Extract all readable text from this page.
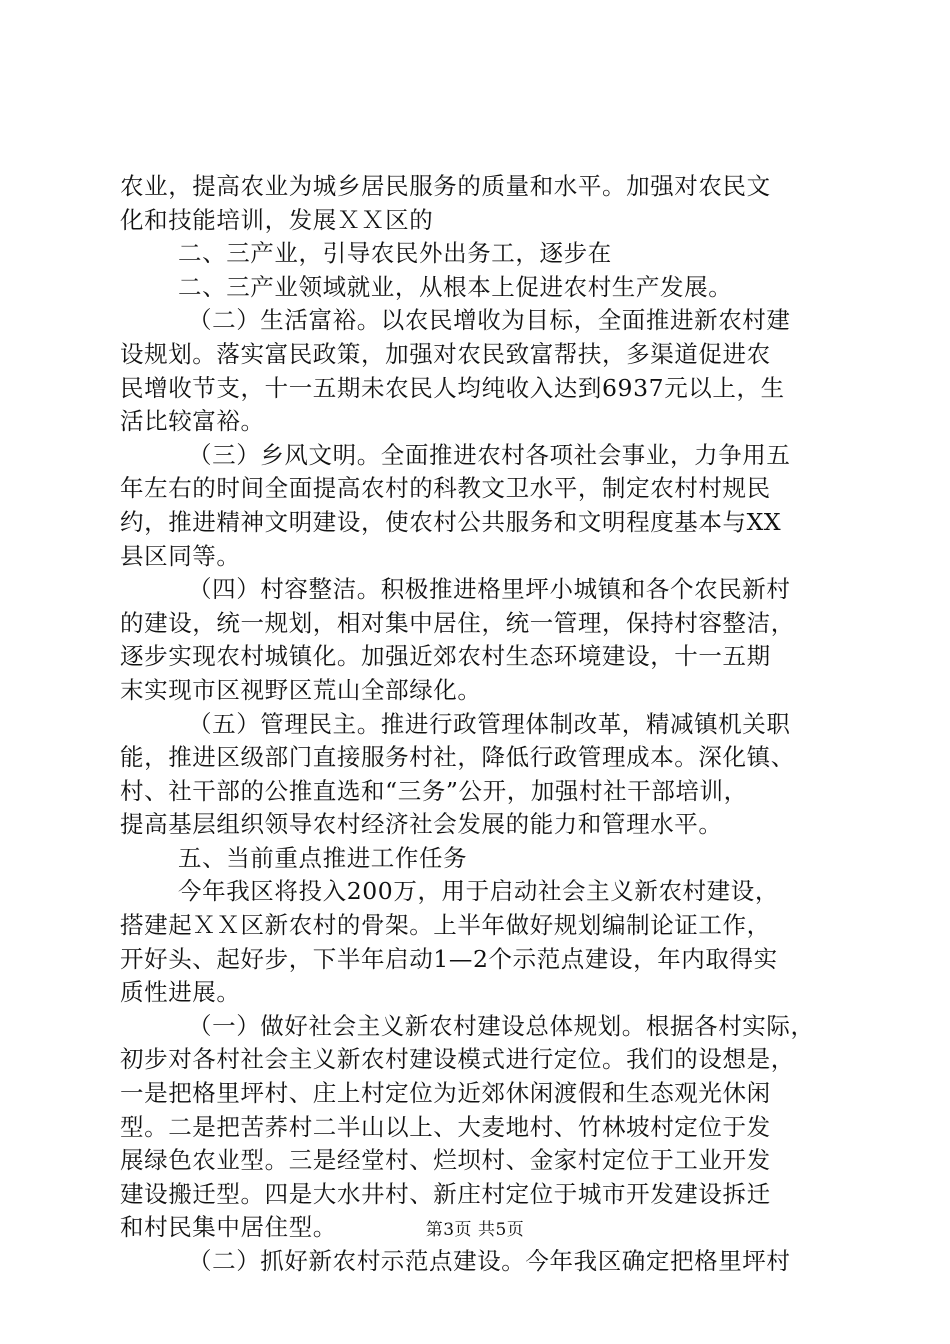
农业，提高农业为城乡居民服务的质量和水平。加强对农民文
化和技能培训，发展ＸＸ区的
二、三产业，引导农民外出务工，逐步在
二、三产业领域就业，从根本上促进农村生产发展。
（二）生活富裕。以农民增收为目标，全面推进新农村建
设规划。落实富民政策，加强对农民致富帮扶，多渠道促进农
民增收节支，十一五期未农民人均纯收入达到6937元以上，生
活比较富裕。
（三）乡风文明。全面推进农村各项社会事业，力争用五
年左右的时间全面提高农村的科教文卫水平，制定农村村规民
约，推进精神文明建设，使农村公共服务和文明程度基本与XX
县区同等。
（四）村容整洁。积极推进格里坪小城镇和各个农民新村
的建设，统一规划，相对集中居住，统一管理，保持村容整洁，
逐步实现农村城镇化。加强近郊农村生态环境建设，十一五期
末实现市区视野区荒山全部绿化。
（五）管理民主。推进行政管理体制改革，精减镇机关职
能，推进区级部门直接服务村社，降低行政管理成本。深化镇、
村、社干部的公推直选和“三务”公开，加强村社干部培训，
提高基层组织领导农村经济社会发展的能力和管理水平。
五、当前重点推进工作任务
今年我区将投入200万，用于启动社会主义新农村建设，
搭建起ＸＸ区新农村的骨架。上半年做好规划编制论证工作，
开好头、起好步，下半年启动1—2个示范点建设，年内取得实
质性进展。
（一）做好社会主义新农村建设总体规划。根据各村实际，
初步对各村社会主义新农村建设模式进行定位。我们的设想是，
一是把格里坪村、庄上村定位为近郊休闲渡假和生态观光休闲
型。二是把苦荞村二半山以上、大麦地村、竹林坡村定位于发
展绿色农业型。三是经堂村、烂坝村、金家村定位于工业开发
建设搬迁型。四是大水井村、新庄村定位于城市开发建设拆迁
和村民集中居住型。
（二）抓好新农村示范点建设。今年我区确定把格里坪村
第3页 共5页
